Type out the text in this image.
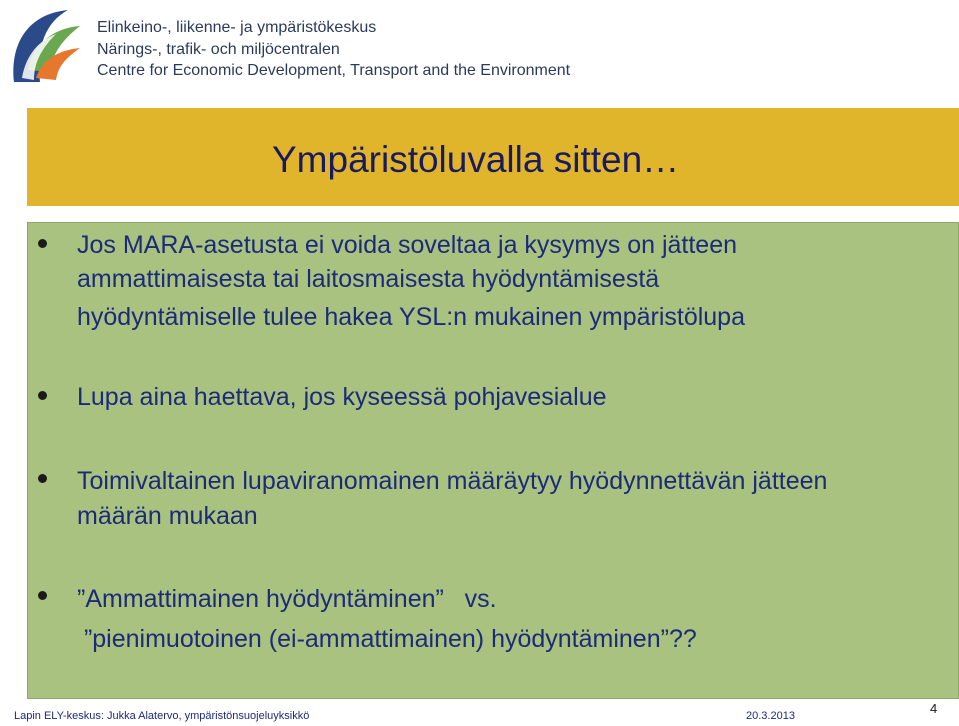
Elinkeino-, liikenne- ja ympäristökeskus
Närings-, trafik- och miljöcentralen
Centre for Economic Development, Transport and the Environment
Ympäristöluvalla sitten…
Jos MARA-asetusta ei voida soveltaa ja kysymys on jätteen
ammattimaisesta tai laitosmaisesta hyödyntämisestä
hyödyntämiselle tulee hakea YSL:n mukainen ympäristölupa
Lupa aina haettava, jos kyseessä pohjavesialue
Toimivaltainen lupaviranomainen määräytyy hyödynnettävän jätteen
määrän mukaan
”Ammattimainen hyödyntäminen”   vs.
”pienimuotoinen (ei-ammattimainen) hyödyntäminen”??
Lapin ELY-keskus: Jukka Alatervo, ympäristönsuojeluyksikkö	20.3.2013	4
